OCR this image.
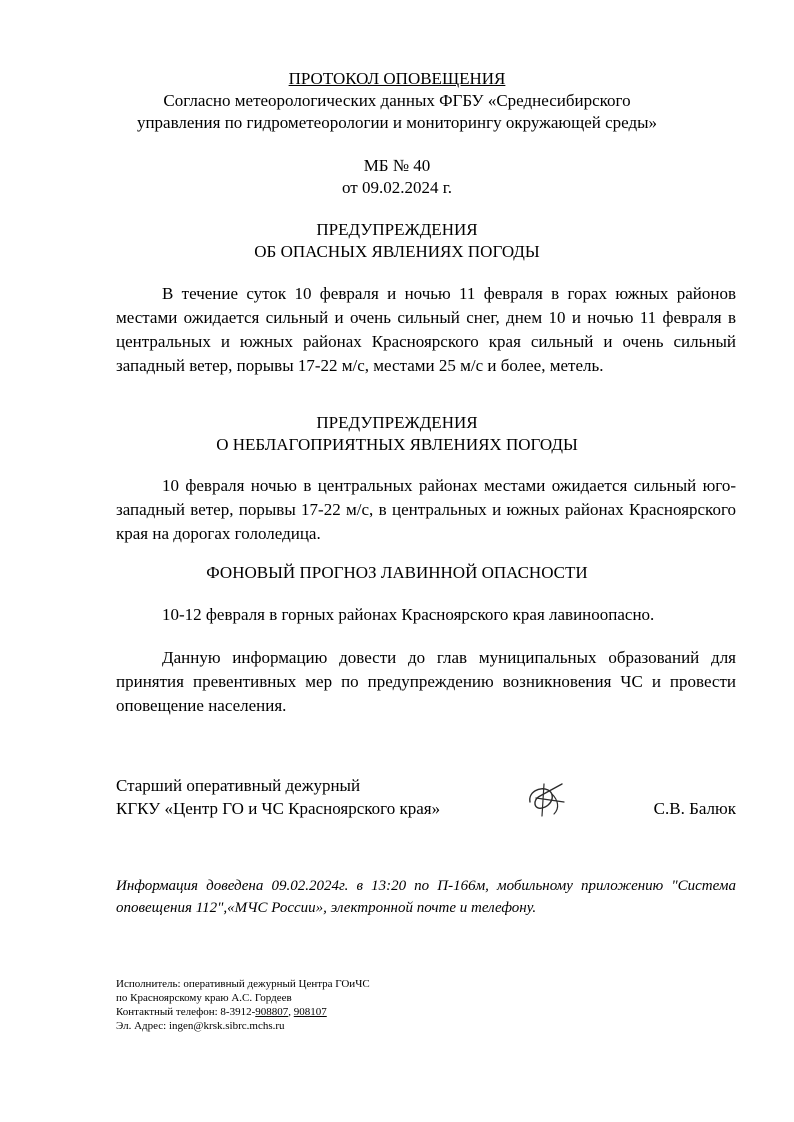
ПРОТОКОЛ ОПОВЕЩЕНИЯ
Согласно метеорологических данных ФГБУ «Среднесибирского
управления по гидрометеорологии и мониторингу окружающей среды»
МБ № 40
от 09.02.2024 г.
ПРЕДУПРЕЖДЕНИЯ
ОБ ОПАСНЫХ ЯВЛЕНИЯХ ПОГОДЫ
В течение суток 10 февраля и ночью 11 февраля в горах южных районов местами ожидается сильный и очень сильный снег, днем 10 и ночью 11 февраля в центральных и южных районах Красноярского края сильный и очень сильный западный ветер, порывы 17-22 м/с, местами 25 м/с и более, метель.
ПРЕДУПРЕЖДЕНИЯ
О НЕБЛАГОПРИЯТНЫХ ЯВЛЕНИЯХ ПОГОДЫ
10 февраля ночью в центральных районах местами ожидается сильный юго-западный ветер, порывы 17-22 м/с, в центральных и южных районах Красноярского края на дорогах гололедица.
ФОНОВЫЙ ПРОГНОЗ ЛАВИННОЙ ОПАСНОСТИ
10-12 февраля в горных районах Красноярского края лавиноопасно.
Данную информацию довести до глав муниципальных образований для принятия превентивных мер по предупреждению возникновения ЧС и провести оповещение населения.
Старший оперативный дежурный
КГКУ «Центр ГО и ЧС Красноярского края»	С.В. Балюк
Информация доведена 09.02.2024г. в 13:20 по П-166м, мобильному приложению "Система оповещения 112",«МЧС России», электронной почте и телефону.
Исполнитель: оперативный дежурный Центра ГОиЧС
по Красноярскому краю А.С. Гордеев
Контактный телефон: 8-3912-908807, 908107
Эл. Адрес: ingen@krsk.sibrc.mchs.ru
